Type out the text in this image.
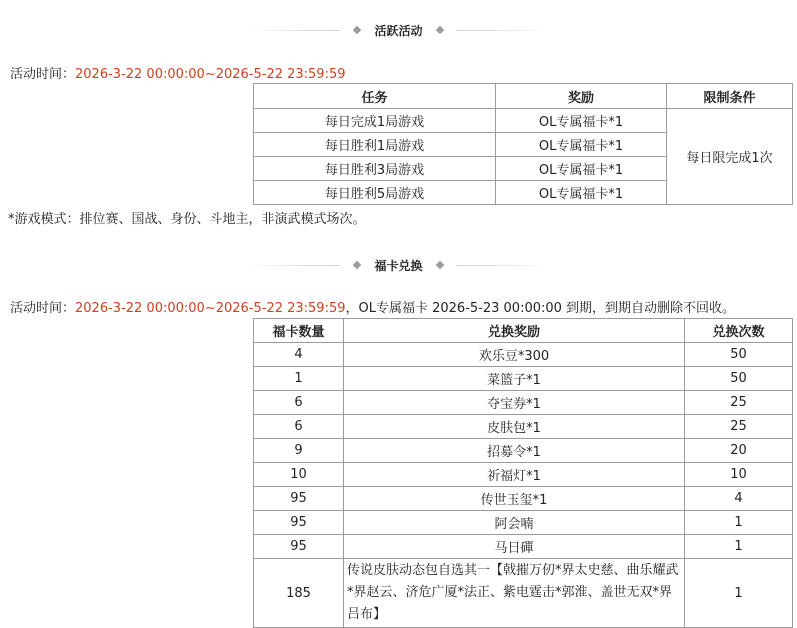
活跃活动
活动时间：2026-3-22 00:00:00~2026-5-22 23:59:59
任务	奖励	限制条件
每日完成1局游戏	OL专属福卡*1	每日限完成1次
每日胜利1局游戏	OL专属福卡*1	
每日胜利3局游戏	OL专属福卡*1	
每日胜利5局游戏	OL专属福卡*1	
*游戏模式：排位赛、国战、身份、斗地主，非演武模式场次。
福卡兑换
活动时间：2026-3-22 00:00:00~2026-5-22 23:59:59，OL专属福卡 2026-5-23 00:00:00 到期，到期自动删除不回收。
福卡数量	兑换奖励	兑换次数
4	欢乐豆*300	50
1	菜篮子*1	50
6	夺宝券*1	25
6	皮肤包*1	25
9	招募令*1	20
10	祈福灯*1	10
95	传世玉玺*1	4
95	阿会喃	1
95	马日磾	1
185	传说皮肤动态包自选其一【戟摧万仞*界太史慈、曲乐耀武*界赵云、济危广厦*法正、紫电霆击*郭淮、盖世无双*界吕布】	1
